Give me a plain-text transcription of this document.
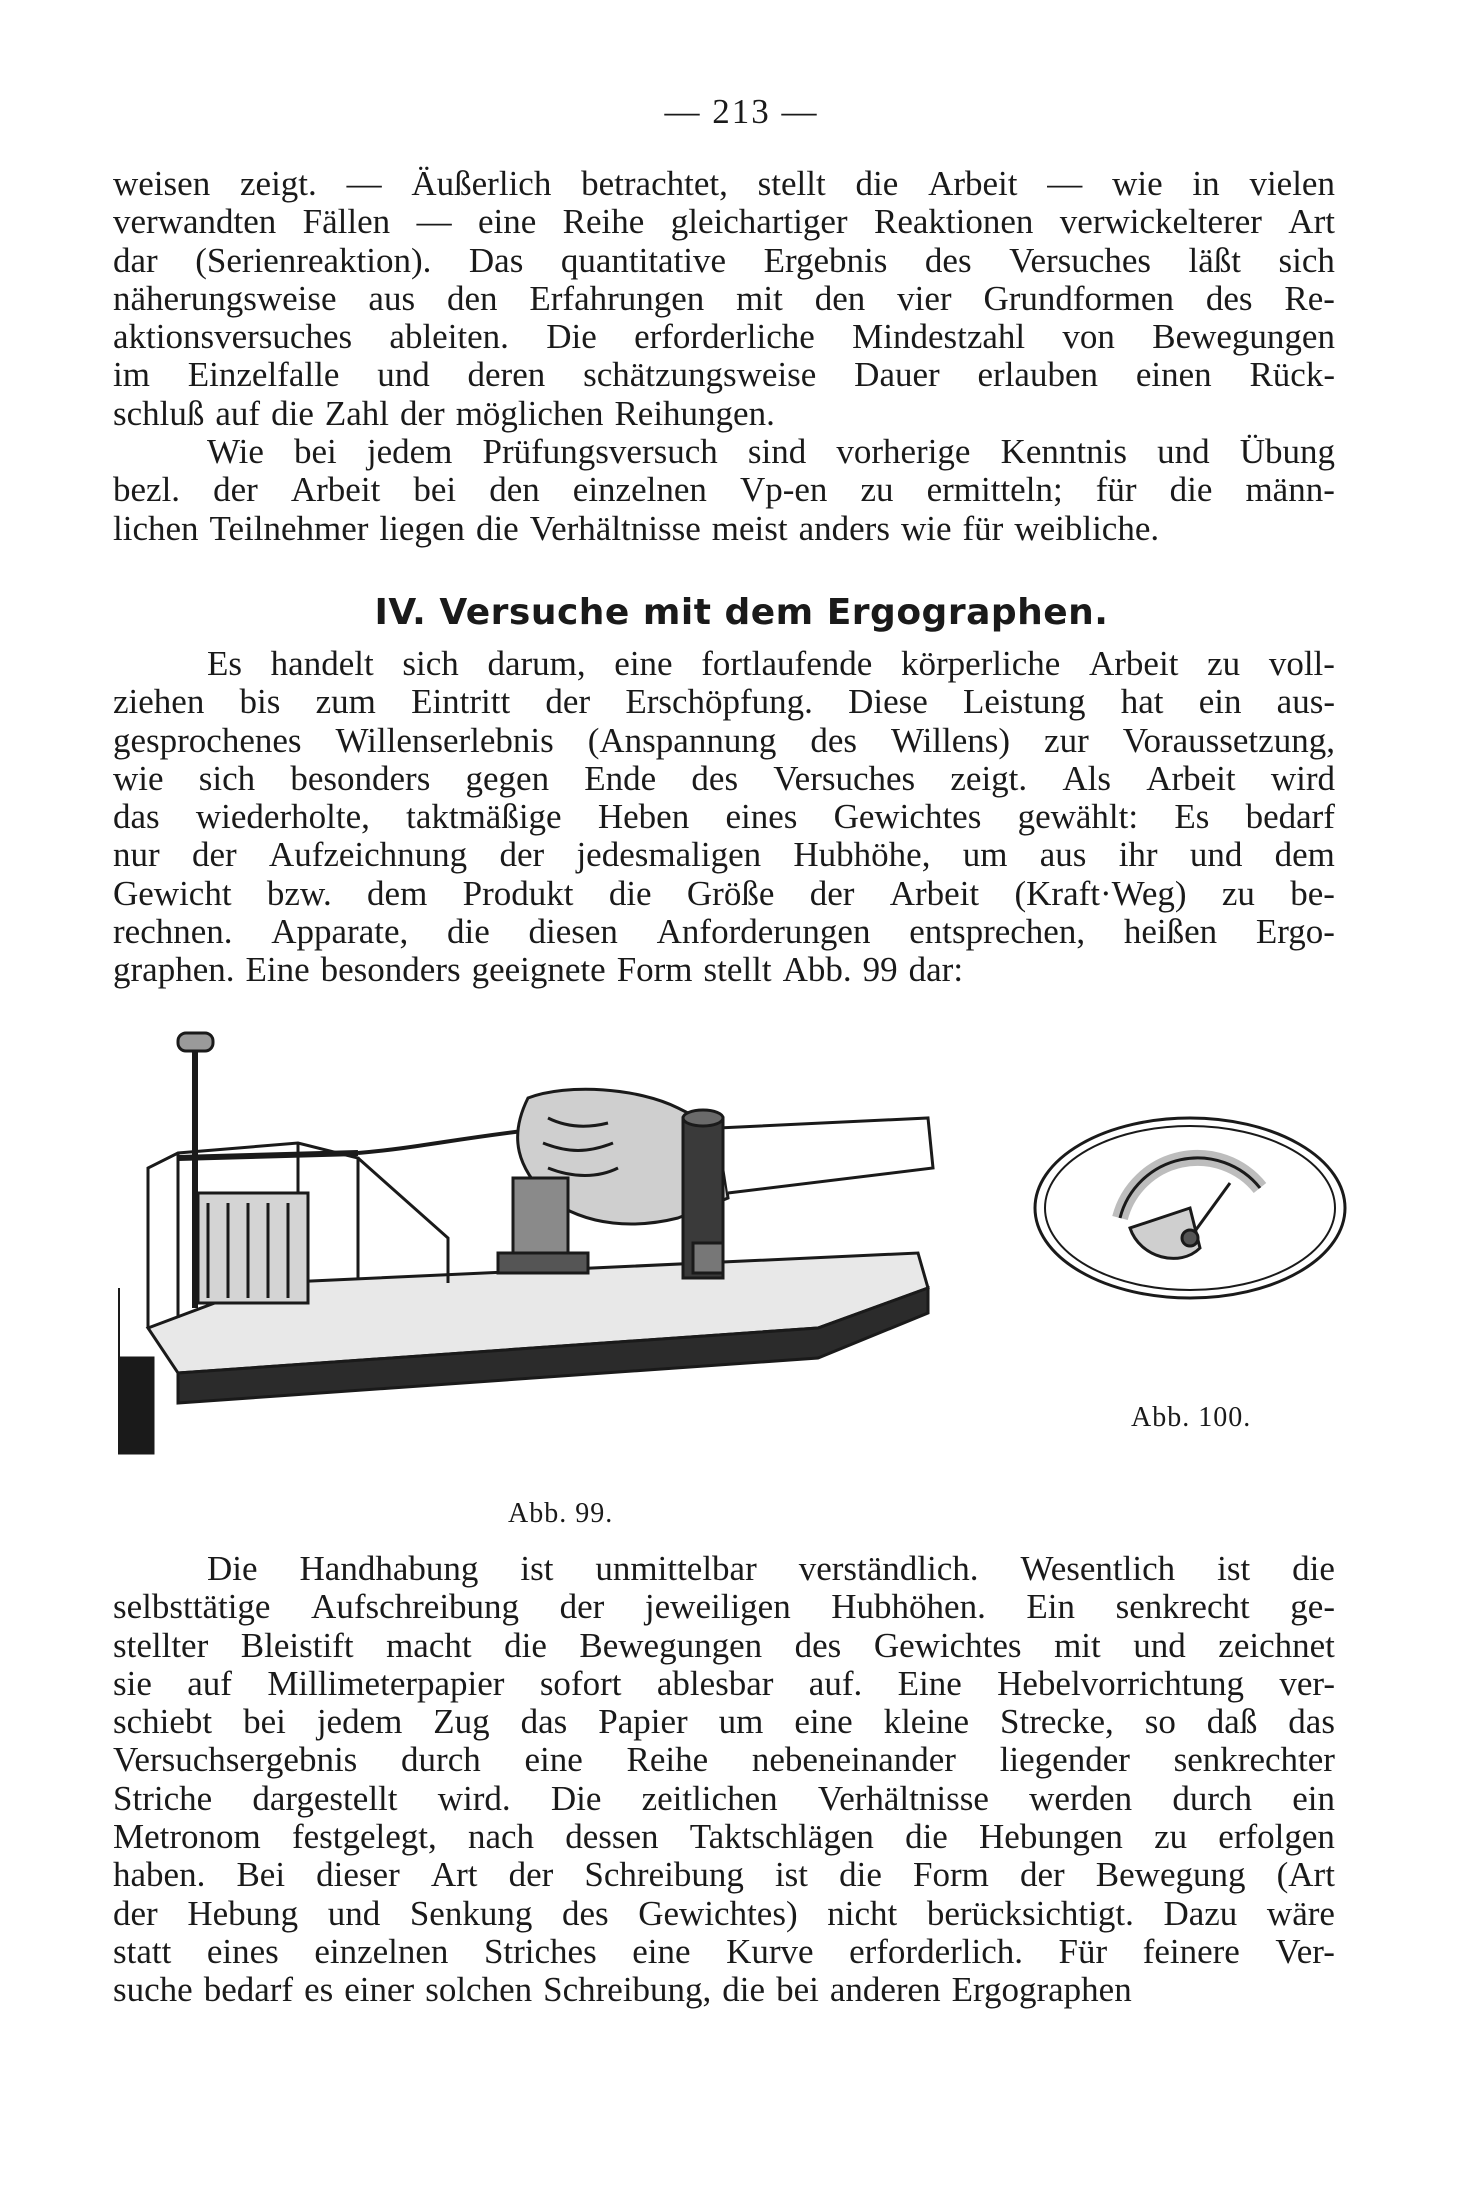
— 213 —
weisen zeigt. — Äußerlich betrachtet, stellt die Arbeit — wie in vielen
verwandten Fällen — eine Reihe gleichartiger Reaktionen verwickelterer Art
dar (Serienreaktion). Das quantitative Ergebnis des Versuches läßt sich
näherungsweise aus den Erfahrungen mit den vier Grundformen des Re-
aktionsversuches ableiten. Die erforderliche Mindestzahl von Bewegungen
im Einzelfalle und deren schätzungsweise Dauer erlauben einen Rück-
schluß auf die Zahl der möglichen Reihungen.
Wie bei jedem Prüfungsversuch sind vorherige Kenntnis und Übung
bezl. der Arbeit bei den einzelnen Vp-en zu ermitteln; für die männ-
lichen Teilnehmer liegen die Verhältnisse meist anders wie für weibliche.
IV. Versuche mit dem Ergographen.
Es handelt sich darum, eine fortlaufende körperliche Arbeit zu voll-
ziehen bis zum Eintritt der Erschöpfung. Diese Leistung hat ein aus-
gesprochenes Willenserlebnis (Anspannung des Willens) zur Voraussetzung,
wie sich besonders gegen Ende des Versuches zeigt. Als Arbeit wird
das wiederholte, taktmäßige Heben eines Gewichtes gewählt: Es bedarf
nur der Aufzeichnung der jedesmaligen Hubhöhe, um aus ihr und dem
Gewicht bzw. dem Produkt die Größe der Arbeit (Kraft·Weg) zu be-
rechnen. Apparate, die diesen Anforderungen entsprechen, heißen Ergo-
graphen. Eine besonders geeignete Form stellt Abb. 99 dar:
Abb. 99.
Abb. 100.
Die Handhabung ist unmittelbar verständlich. Wesentlich ist die
selbsttätige Aufschreibung der jeweiligen Hubhöhen. Ein senkrecht ge-
stellter Bleistift macht die Bewegungen des Gewichtes mit und zeichnet
sie auf Millimeterpapier sofort ablesbar auf. Eine Hebelvorrichtung ver-
schiebt bei jedem Zug das Papier um eine kleine Strecke, so daß das
Versuchsergebnis durch eine Reihe nebeneinander liegender senkrechter
Striche dargestellt wird. Die zeitlichen Verhältnisse werden durch ein
Metronom festgelegt, nach dessen Taktschlägen die Hebungen zu erfolgen
haben. Bei dieser Art der Schreibung ist die Form der Bewegung (Art
der Hebung und Senkung des Gewichtes) nicht berücksichtigt. Dazu wäre
statt eines einzelnen Striches eine Kurve erforderlich. Für feinere Ver-
suche bedarf es einer solchen Schreibung, die bei anderen Ergographen
